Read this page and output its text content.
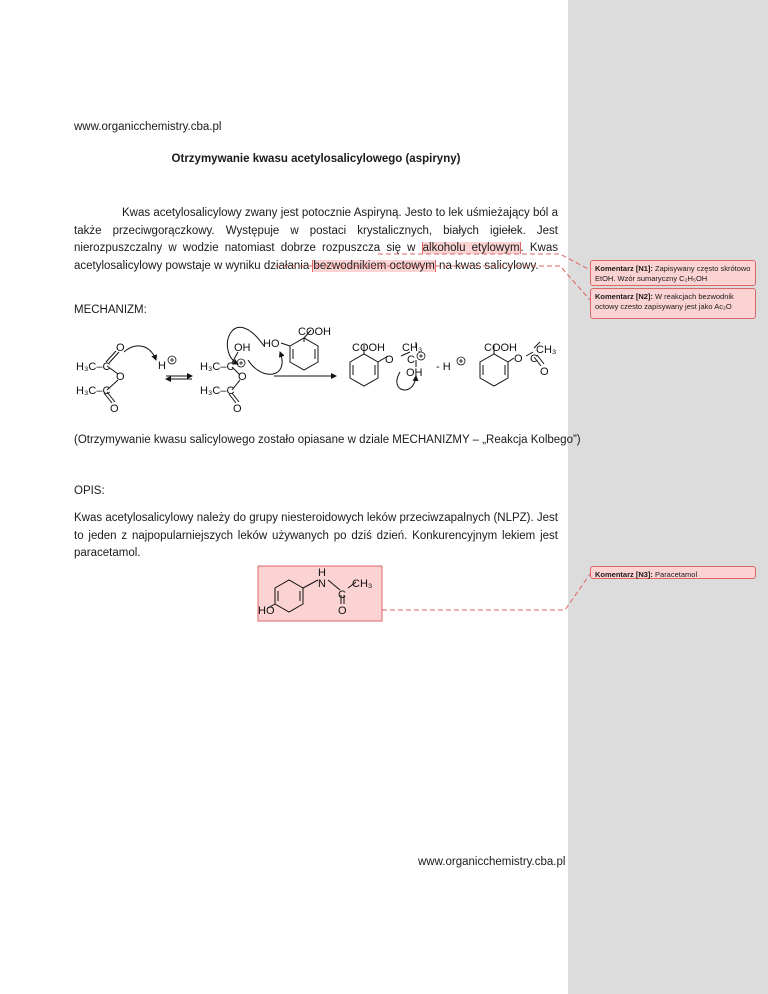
www.organicchemistry.cba.pl
Otrzymywanie kwasu acetylosalicylowego (aspiryny)

Kwas acetylosalicylowy zwany jest potocznie Aspiryną. Jesto to lek uśmieżający ból a także przeciwgorączkowy. Występuje w postaci krystalicznych, białych igiełek. Jest nierozpuszczalny w wodzie natomiast dobrze rozpuszcza się w alkoholu etylowym. Kwas acetylosalicylowy powstaje w wyniku działania bezwodnikiem octowym na kwas salicylowy.

MECHANIZM:
(Otrzymywanie kwasu salicylowego zostało opiasane w dziale MECHANIZMY – „Reakcja Kolbego”)
OPIS:

Kwas acetylosalicylowy należy do grupy niesteroidowych leków przeciwzapalnych (NLPZ). Jest to jeden z najpopularniejszych leków używanych po dziś dzień. Konkurencyjnym lekiem jest paracetamol.

www.organicchemistry.cba.pl
Komentarz [N1]: Zapisywany często skrótowo EtOH. Wzór sumaryczny C₂H₅OH
Komentarz [N2]: W reakcjach bezwodnik octowy czesto zapisywany jest jako Ac₂O
Komentarz [N3]: Paracetamol
O
H₃C–C
O
H₃C–C
O
H
OH
H₃C–C
O
H₃C–C
O
HO
COOH
COOH CH₃
O C
OH - H
COOH CH₃
O C
O
H
N
C
CH₃
O
HO
